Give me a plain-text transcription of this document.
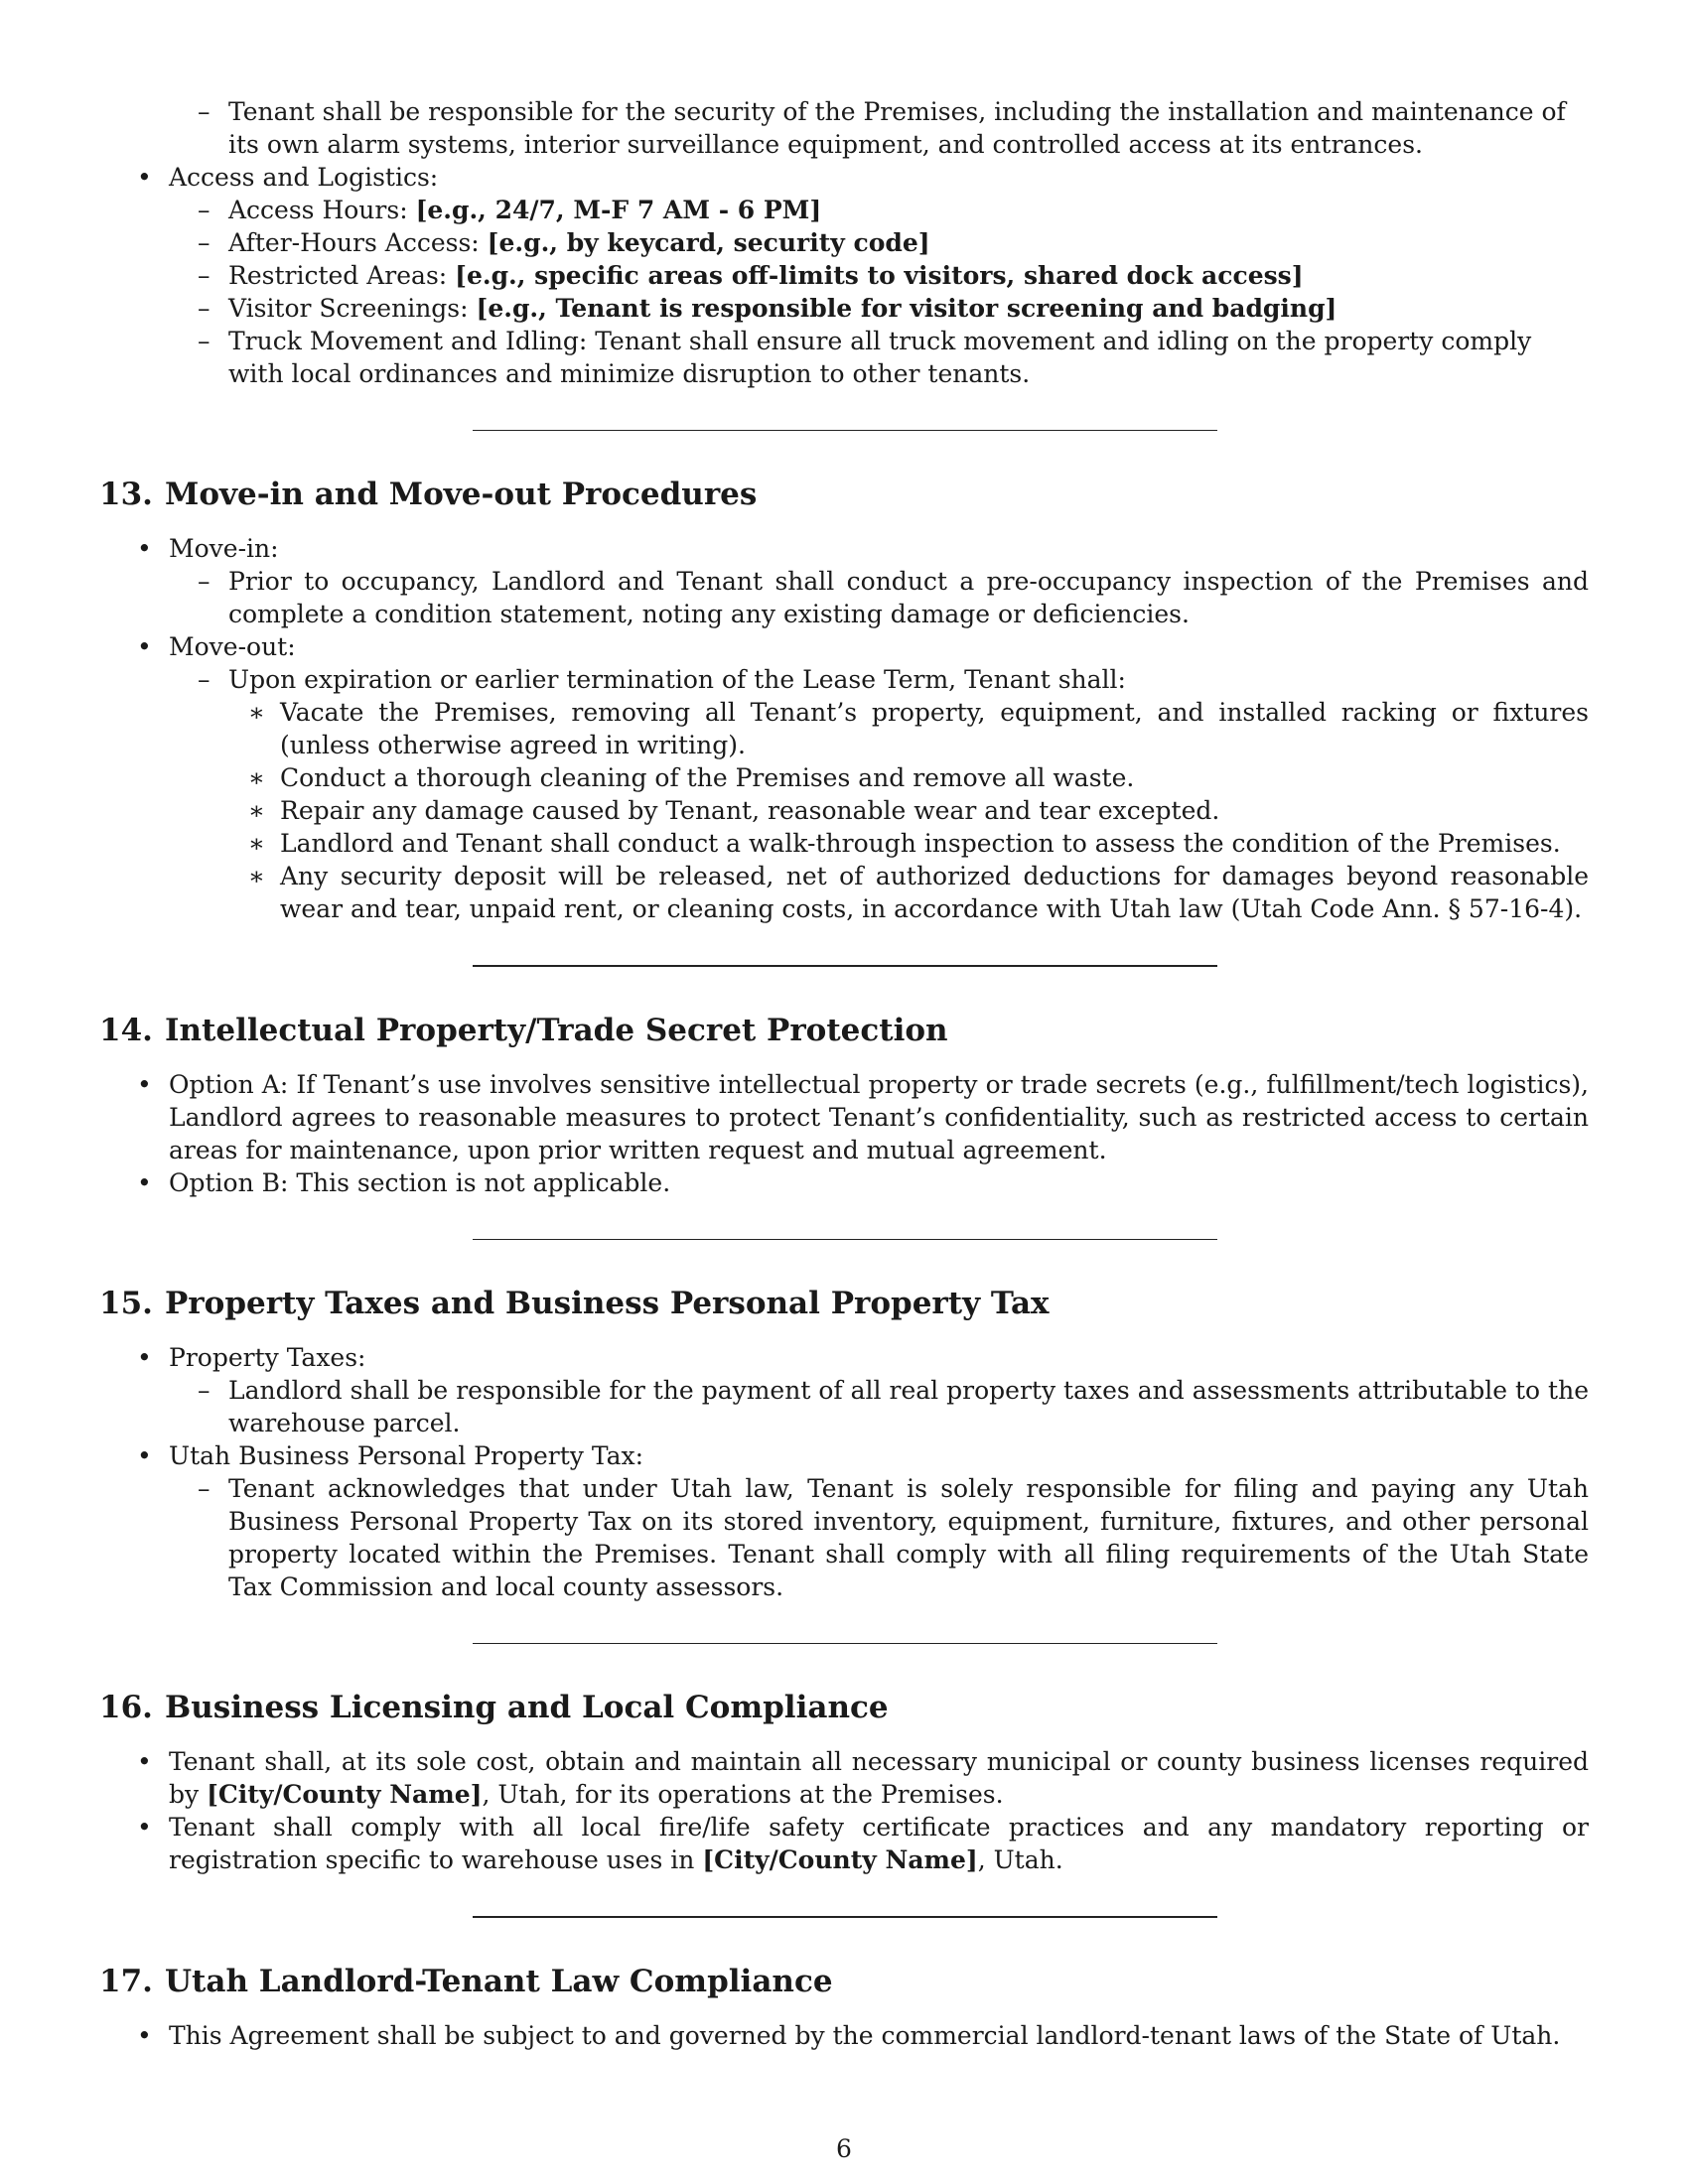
– Tenant shall be responsible for the security of the Premises, including the installation and maintenance of its own alarm systems, interior surveillance equipment, and controlled access at its entrances.
• Access and Logistics:
– Access Hours: [e.g., 24/7, M-F 7 AM - 6 PM]
– After-Hours Access: [e.g., by keycard, security code]
– Restricted Areas: [e.g., specific areas off-limits to visitors, shared dock access]
– Visitor Screenings: [e.g., Tenant is responsible for visitor screening and badging]
– Truck Movement and Idling: Tenant shall ensure all truck movement and idling on the property comply with local ordinances and minimize disruption to other tenants.
13. Move-in and Move-out Procedures
• Move-in:
– Prior to occupancy, Landlord and Tenant shall conduct a pre-occupancy inspection of the Premises and complete a condition statement, noting any existing damage or deficiencies.
• Move-out:
– Upon expiration or earlier termination of the Lease Term, Tenant shall:
∗ Vacate the Premises, removing all Tenant’s property, equipment, and installed racking or fixtures (unless otherwise agreed in writing).
∗ Conduct a thorough cleaning of the Premises and remove all waste.
∗ Repair any damage caused by Tenant, reasonable wear and tear excepted.
∗ Landlord and Tenant shall conduct a walk-through inspection to assess the condition of the Premises.
∗ Any security deposit will be released, net of authorized deductions for damages beyond reasonable wear and tear, unpaid rent, or cleaning costs, in accordance with Utah law (Utah Code Ann. § 57-16-4).
14. Intellectual Property/Trade Secret Protection
• Option A: If Tenant’s use involves sensitive intellectual property or trade secrets (e.g., fulfillment/tech logistics), Landlord agrees to reasonable measures to protect Tenant’s confidentiality, such as restricted access to certain areas for maintenance, upon prior written request and mutual agreement.
• Option B: This section is not applicable.
15. Property Taxes and Business Personal Property Tax
• Property Taxes:
– Landlord shall be responsible for the payment of all real property taxes and assessments attributable to the warehouse parcel.
• Utah Business Personal Property Tax:
– Tenant acknowledges that under Utah law, Tenant is solely responsible for filing and paying any Utah Business Personal Property Tax on its stored inventory, equipment, furniture, fixtures, and other personal property located within the Premises. Tenant shall comply with all filing requirements of the Utah State Tax Commission and local county assessors.
16. Business Licensing and Local Compliance
• Tenant shall, at its sole cost, obtain and maintain all necessary municipal or county business licenses required by [City/County Name], Utah, for its operations at the Premises.
• Tenant shall comply with all local fire/life safety certificate practices and any mandatory reporting or registration specific to warehouse uses in [City/County Name], Utah.
17. Utah Landlord-Tenant Law Compliance
• This Agreement shall be subject to and governed by the commercial landlord-tenant laws of the State of Utah.
6
